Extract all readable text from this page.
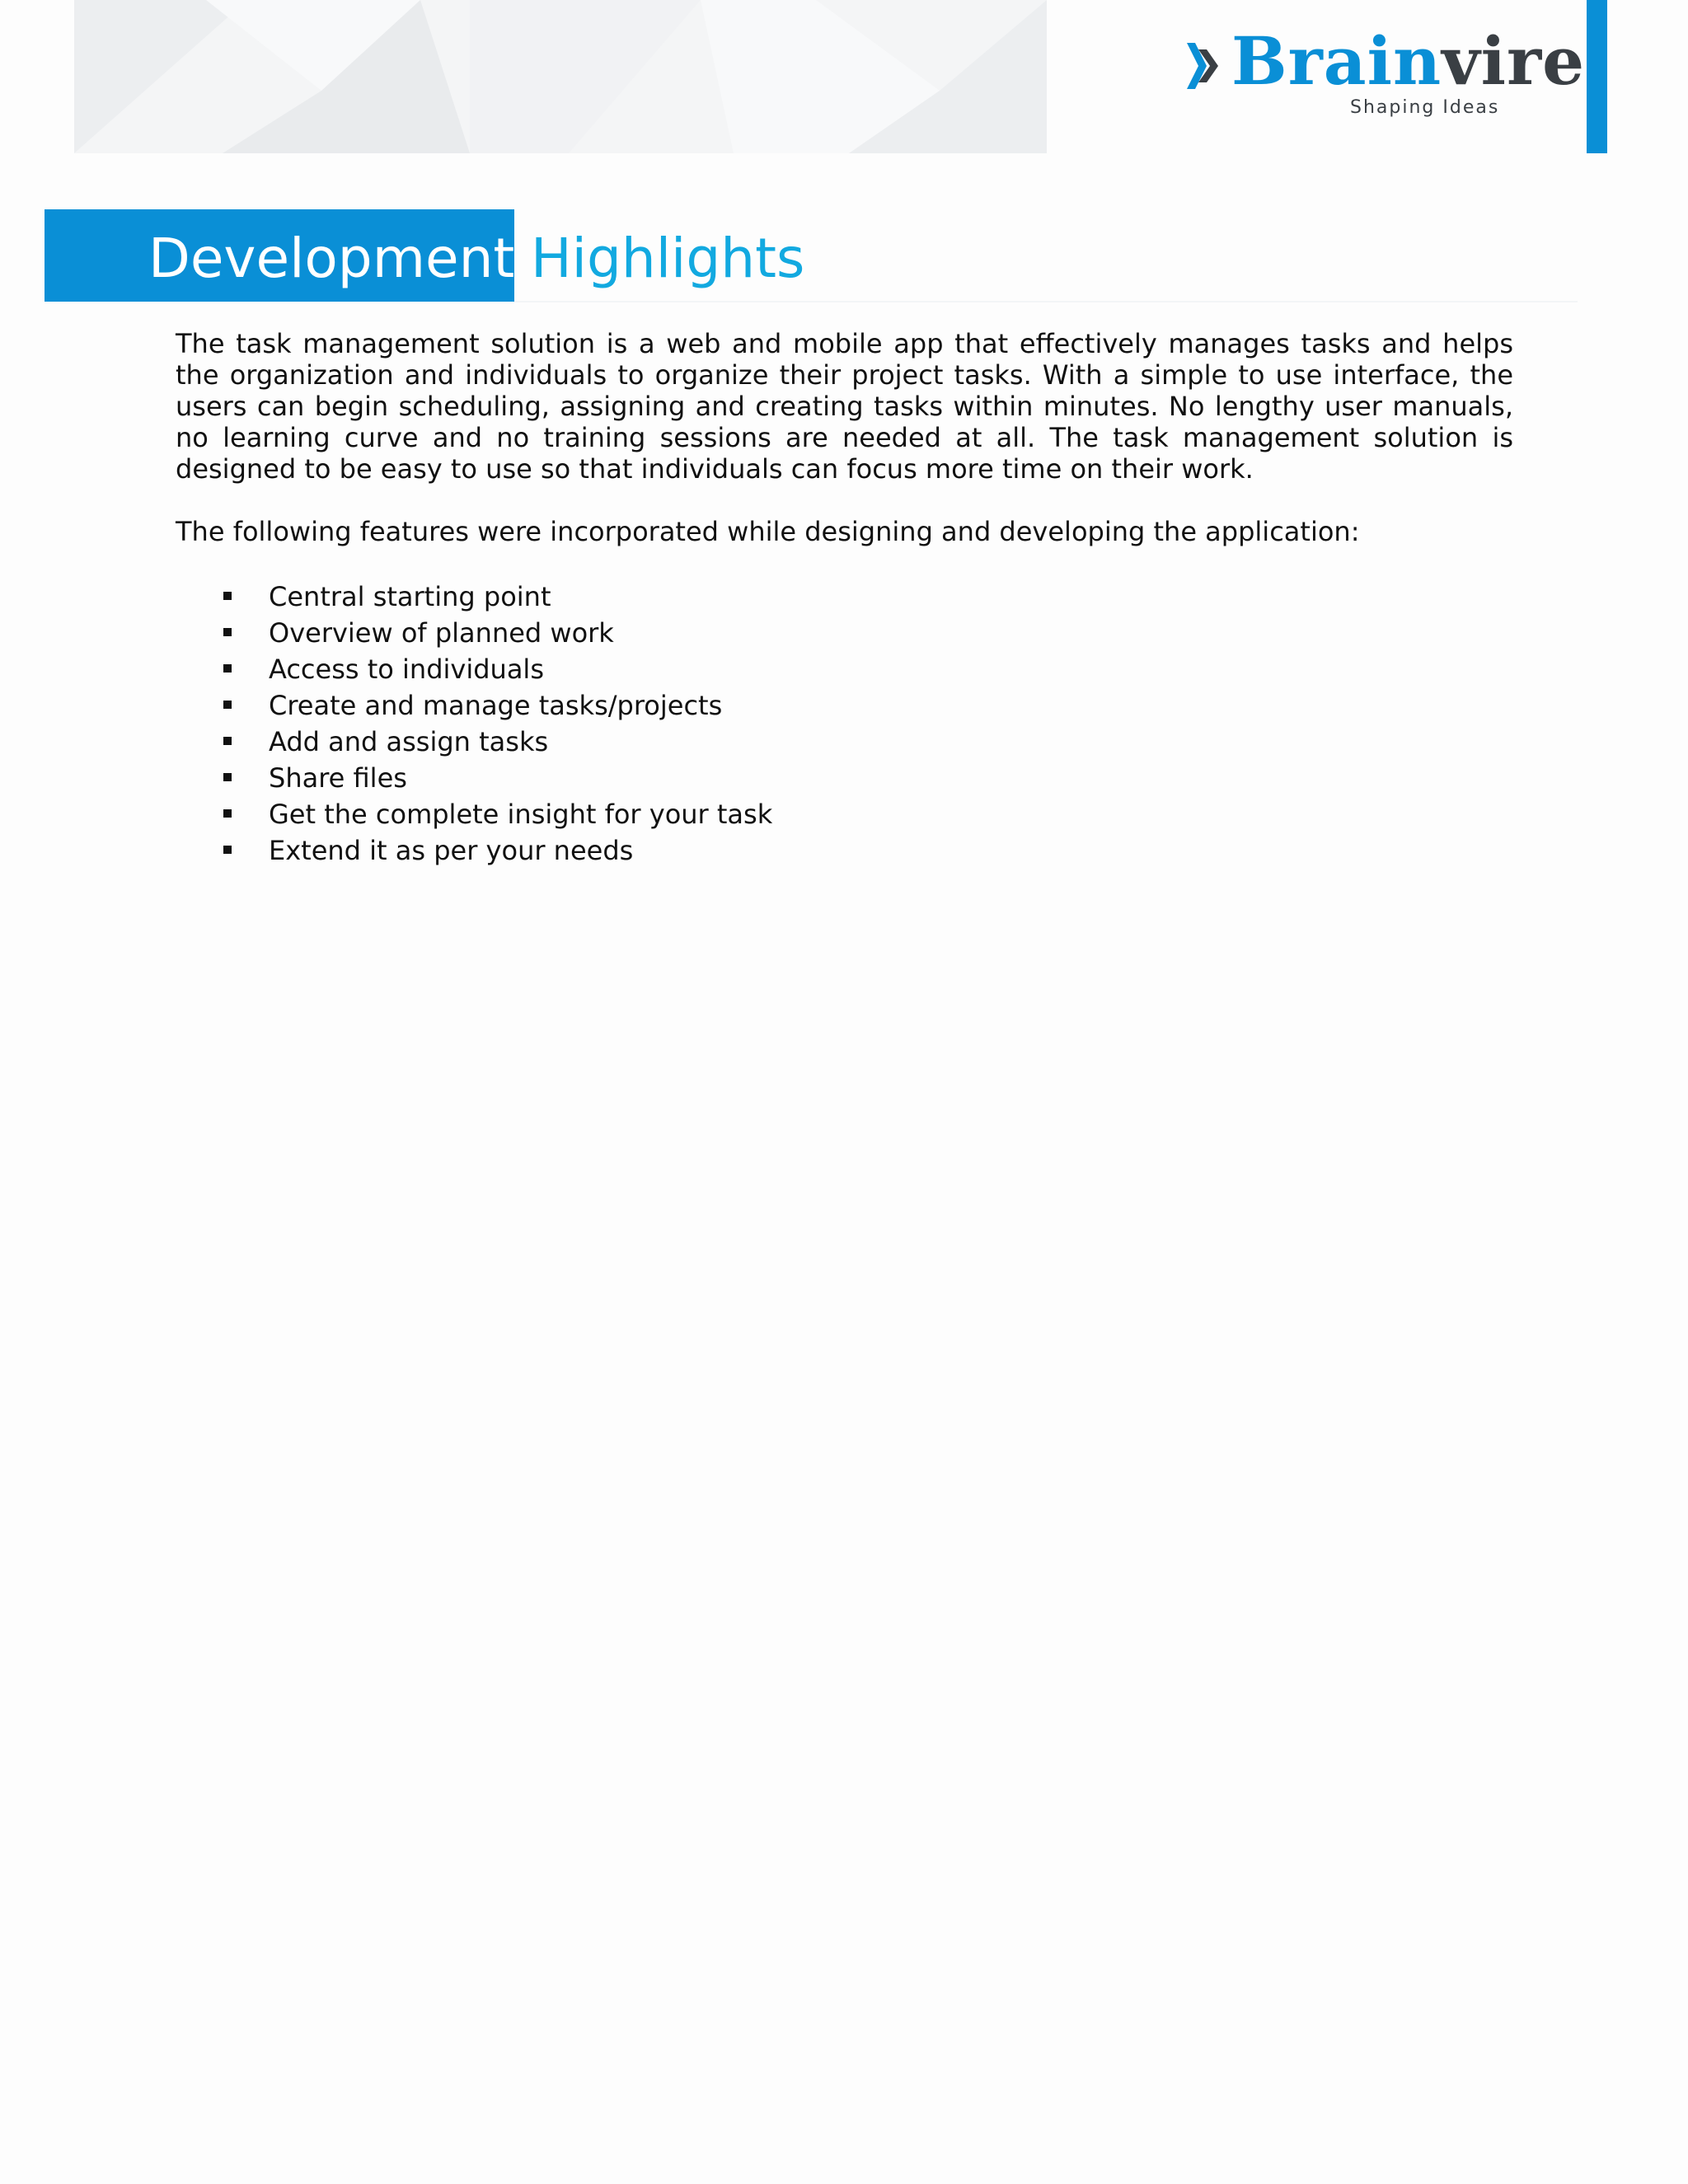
Brainvire
Shaping Ideas
Development Highlights

The task management solution is a web and mobile app that effectively manages tasks and helps the organization and individuals to organize their project tasks. With a simple to use interface, the users can begin scheduling, assigning and creating tasks within minutes. No lengthy user manuals, no learning curve and no training sessions are needed at all. The task management solution is designed to be easy to use so that individuals can focus more time on their work.

The following features were incorporated while designing and developing the application:

Central starting point
Overview of planned work
Access to individuals
Create and manage tasks/projects
Add and assign tasks
Share files
Get the complete insight for your task
Extend it as per your needs
